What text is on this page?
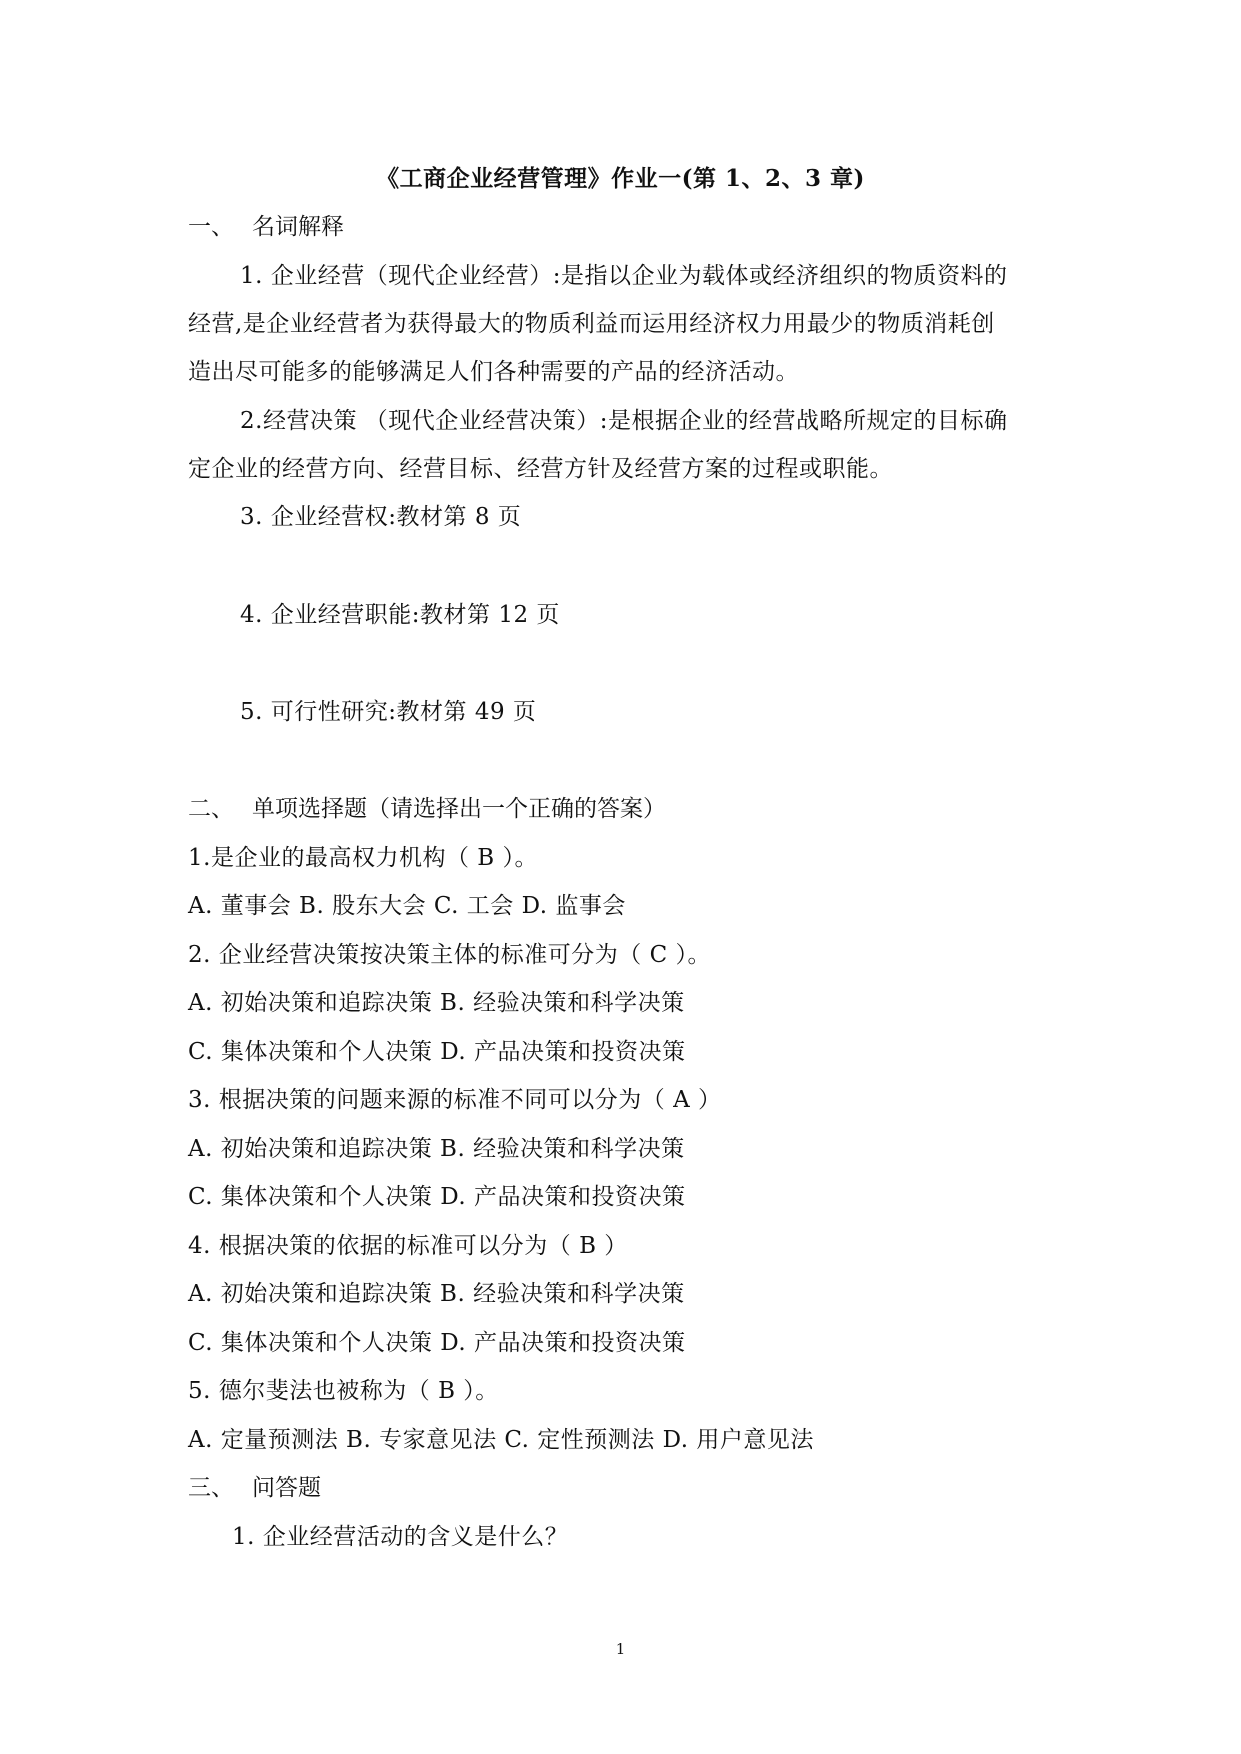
《工商企业经营管理》作业一(第 1、2、3 章)
一、 名词解释
1. 企业经营（现代企业经营）:是指以企业为载体或经济组织的物质资料的
经营,是企业经营者为获得最大的物质利益而运用经济权力用最少的物质消耗创
造出尽可能多的能够满足人们各种需要的产品的经济活动。
2.经营决策 （现代企业经营决策）:是根据企业的经营战略所规定的目标确
定企业的经营方向、经营目标、经营方针及经营方案的过程或职能。
3. 企业经营权:教材第 8 页
4. 企业经营职能:教材第 12 页
5. 可行性研究:教材第 49 页
二、 单项选择题（请选择出一个正确的答案）
1.是企业的最高权力机构（ B ）。
A. 董事会 B. 股东大会 C. 工会 D. 监事会
2. 企业经营决策按决策主体的标准可分为（ C ）。
A. 初始决策和追踪决策 B. 经验决策和科学决策
C. 集体决策和个人决策 D. 产品决策和投资决策
3. 根据决策的问题来源的标准不同可以分为（ A ）
A. 初始决策和追踪决策 B. 经验决策和科学决策
C. 集体决策和个人决策 D. 产品决策和投资决策
4. 根据决策的依据的标准可以分为（ B ）
A. 初始决策和追踪决策 B. 经验决策和科学决策
C. 集体决策和个人决策 D. 产品决策和投资决策
5. 德尔斐法也被称为（ B ）。
A. 定量预测法 B. 专家意见法 C. 定性预测法 D. 用户意见法
三、 问答题
1. 企业经营活动的含义是什么？
1
